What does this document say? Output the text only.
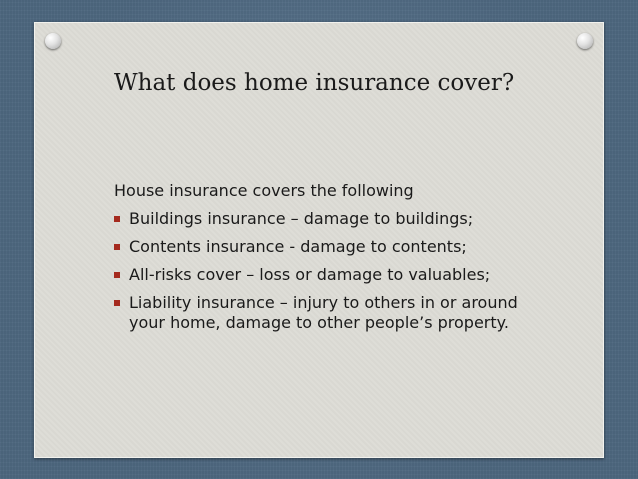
What does home insurance cover?

House insurance covers the following

Buildings insurance – damage to buildings;
Contents insurance - damage to contents;
All-risks cover – loss or damage to valuables;
Liability insurance – injury to others in or around your home, damage to other people’s property.
